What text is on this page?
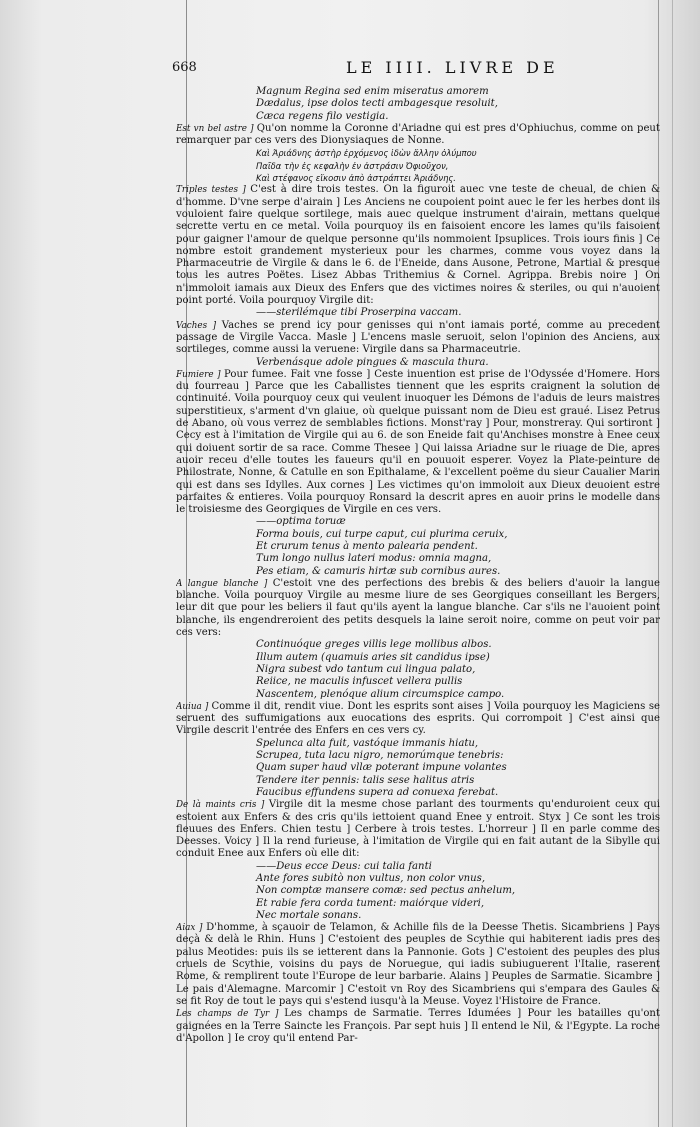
668	LE IIII. LIVRE DE
Magnum Regina sed enim miseratus amorem
Dædalus, ipse dolos tecti ambagesque resoluit,
Cæca regens filo vestigia.

Est vn bel astre ] Qu'on nomme la Coronne d'Ariadne qui est pres d'Ophiuchus, comme on peut remarquer par ces vers des Dionysiaques de Nonne.

Καὶ Ἀριάδνης ἀστὴρ ἐρχόμενος ἰδὼν ἄλλην ὀλύμπου
Παῖδα τὴν ἐς κεφαλὴν ἐν ἀστράσιν Ὀφιοῦχον,
Καὶ στέφανος εἴκοσιν ἀπὸ ἀστράπτει Ἀριάδνης.

Triples testes ] C'est à dire trois testes. On la figuroit auec vne teste de cheual, de chien & d'homme. D'vne serpe d'airain ] Les Anciens ne coupoient point auec le fer les herbes dont ils vouloient faire quelque sortilege, mais auec quelque instrument d'airain, mettans quelque secrette vertu en ce metal. Voila pourquoy ils en faisoient encore les lames qu'ils faisoient pour gaigner l'amour de quelque personne qu'ils nommoient Ipsuplices. Trois iours finis ] Ce nombre estoit grandement mysterieux pour les charmes, comme vous voyez dans la Pharmaceutrie de Virgile & dans le 6. de l'Eneide, dans Ausone, Petrone, Martial & presque tous les autres Poëtes. Lisez Abbas Trithemius & Cornel. Agrippa. Brebis noire ] On n'immoloit iamais aux Dieux des Enfers que des victimes noires & steriles, ou qui n'auoient point porté. Voila pourquoy Virgile dit:

——sterilémque tibi Proserpina vaccam.

Vaches ] Vaches se prend icy pour genisses qui n'ont iamais porté, comme au precedent passage de Virgile Vacca. Masle ] L'encens masle seruoit, selon l'opinion des Anciens, aux sortileges, comme aussi la veruene: Virgile dans sa Pharmaceutrie.

Verbenásque adole pingues & mascula thura.

Fumiere ] Pour fumee. Fait vne fosse ] Ceste inuention est prise de l'Odyssée d'Homere. Hors du fourreau ] Parce que les Caballistes tiennent que les esprits craignent la solution de continuité. Voila pourquoy ceux qui veulent inuoquer les Démons de l'aduis de leurs maistres superstitieux, s'arment d'vn glaiue, où quelque puissant nom de Dieu est graué. Lisez Petrus de Abano, où vous verrez de semblables fictions. Monst'ray ] Pour, monstreray. Qui sortiront ] Cecy est à l'imitation de Virgile qui au 6. de son Eneide fait qu'Anchises monstre à Enee ceux qui doiuent sortir de sa race. Comme Thesee ] Qui laissa Ariadne sur le riuage de Die, apres auoir receu d'elle toutes les faueurs qu'il en pouuoit esperer. Voyez la Plate-peinture de Philostrate, Nonne, & Catulle en son Epithalame, & l'excellent poëme du sieur Caualier Marin qui est dans ses Idylles. Aux cornes ] Les victimes qu'on immoloit aux Dieux deuoient estre parfaites & entieres. Voila pourquoy Ronsard la descrit apres en auoir prins le modelle dans le troisiesme des Georgiques de Virgile en ces vers.

——optima toruæ
Forma bouis, cui turpe caput, cui plurima ceruix,
Et crurum tenus à mento palearia pendent.
Tum longo nullus lateri modus: omnia magna,
Pes etiam, & camuris hirtæ sub cornibus aures.

A langue blanche ] C'estoit vne des perfections des brebis & des beliers d'auoir la langue blanche. Voila pourquoy Virgile au mesme liure de ses Georgiques conseillant les Bergers, leur dit que pour les beliers il faut qu'ils ayent la langue blanche. Car s'ils ne l'auoient point blanche, ils engendreroient des petits desquels la laine seroit noire, comme on peut voir par ces vers:

Continuóque greges villis lege mollibus albos.
Illum autem (quamuis aries sit candidus ipse)
Nigra subest vdo tantum cui lingua palato,
Reiice, ne maculis infuscet vellera pullis
Nascentem, plenóque alium circumspice campo.

Auiua ] Comme il dit, rendit viue. Dont les esprits sont aises ] Voila pourquoy les Magiciens se seruent des suffumigations aux euocations des esprits. Qui corrompoit ] C'est ainsi que Virgile descrit l'entrée des Enfers en ces vers cy.

Spelunca alta fuit, vastóque immanis hiatu,
Scrupea, tuta lacu nigro, nemorúmque tenebris:
Quam super haud vllæ poterant impune volantes
Tendere iter pennis: talis sese halitus atris
Faucibus effundens supera ad conuexa ferebat.

De là maints cris ] Virgile dit la mesme chose parlant des tourments qu'enduroient ceux qui estoient aux Enfers & des cris qu'ils iettoient quand Enee y entroit. Styx ] Ce sont les trois fleuues des Enfers. Chien testu ] Cerbere à trois testes. L'horreur ] Il en parle comme des Deesses. Voicy ] Il la rend furieuse, à l'imitation de Virgile qui en fait autant de la Sibylle qui conduit Enee aux Enfers où elle dit:

——Deus ecce Deus: cui talia fanti
Ante fores subitò non vultus, non color vnus,
Non comptæ mansere comæ: sed pectus anhelum,
Et rabie fera corda tument: maiórque videri,
Nec mortale sonans.

Aiax ] D'homme, à sçauoir de Telamon, & Achille fils de la Deesse Thetis. Sicambriens ] Pays deçà & delà le Rhin. Huns ] C'estoient des peuples de Scythie qui habiterent iadis pres des palus Meotides: puis ils se ietterent dans la Pannonie. Gots ] C'estoient des peuples des plus cruels de Scythie, voisins du pays de Noruegue, qui iadis subiuguerent l'Italie, raserent Rome, & remplirent toute l'Europe de leur barbarie. Alains ] Peuples de Sarmatie. Sicambre ] Le pais d'Alemagne. Marcomir ] C'estoit vn Roy des Sicambriens qui s'empara des Gaules & se fit Roy de tout le pays qui s'estend iusqu'à la Meuse. Voyez l'Histoire de France.

Les champs de Tyr ] Les champs de Sarmatie. Terres Idumées ] Pour les batailles qu'ont gaignées en la Terre Saincte les François. Par sept huis ] Il entend le Nil, & l'Egypte. La roche d'Apollon ] Ie croy qu'il entend Par-
